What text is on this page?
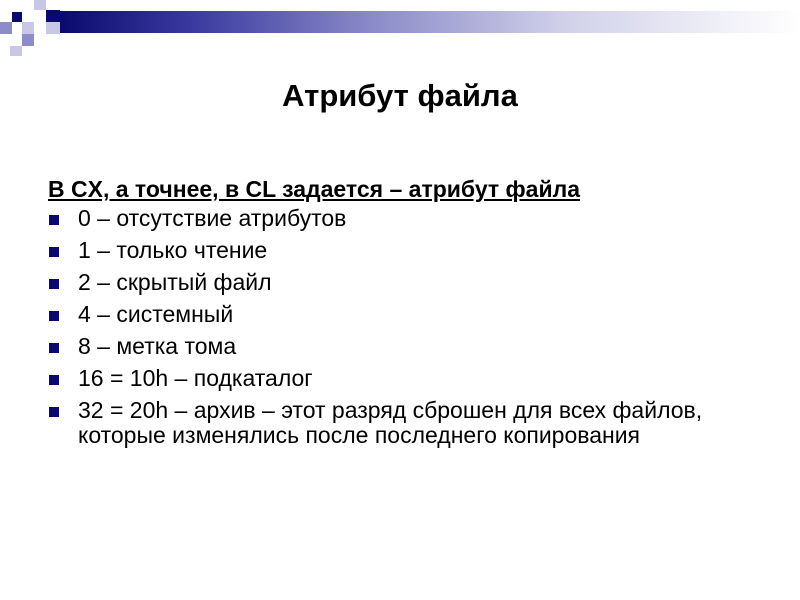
Атрибут файла

В CX, а точнее, в CL задается – атрибут файла

0 – отсутствие атрибутов
1 – только чтение
2 – скрытый файл
4 – системный
8 – метка тома
16 = 10h – подкаталог
32 = 20h – архив – этот разряд сброшен для всех файлов, которые изменялись после последнего копирования
